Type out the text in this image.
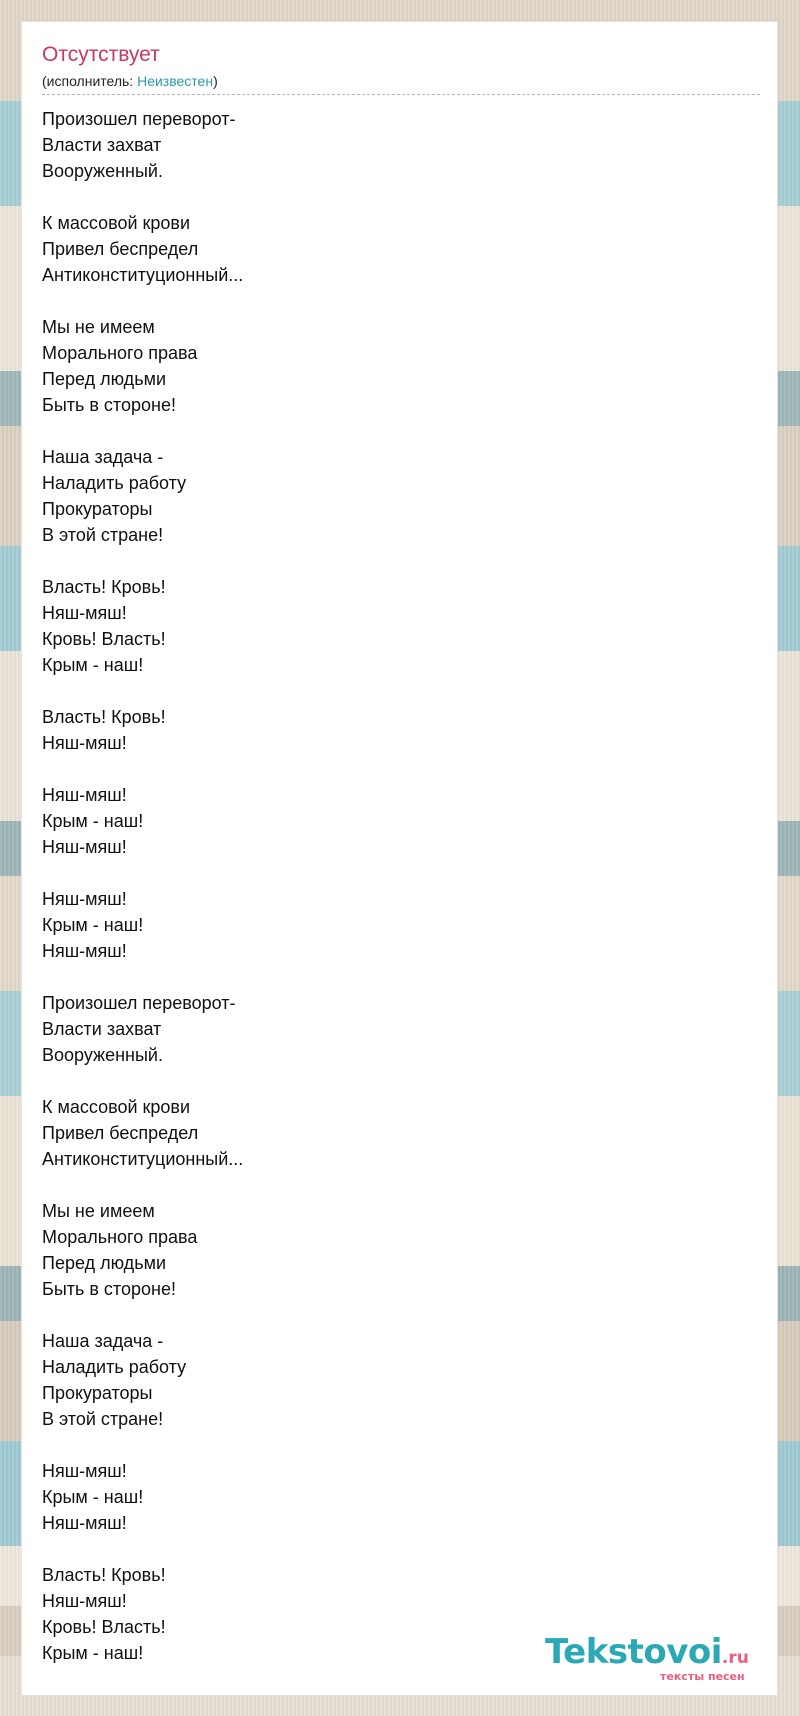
Отсутствует
(исполнитель: Неизвестен)
Произошел переворот-
Власти захват
Вооруженный.
К массовой крови
Привел беспредел
Антиконституционный...
Мы не имеем
Морального права
Перед людьми
Быть в стороне!
Наша задача -
Наладить работу
Прокураторы
В этой стране!
Власть! Кровь!
Няш-мяш!
Кровь! Власть!
Крым - наш!
Власть! Кровь!
Няш-мяш!
Няш-мяш!
Крым - наш!
Няш-мяш!
Няш-мяш!
Крым - наш!
Няш-мяш!
Произошел переворот-
Власти захват
Вооруженный.
К массовой крови
Привел беспредел
Антиконституционный...
Мы не имеем
Морального права
Перед людьми
Быть в стороне!
Наша задача -
Наладить работу
Прокураторы
В этой стране!
Няш-мяш!
Крым - наш!
Няш-мяш!
Власть! Кровь!
Няш-мяш!
Кровь! Власть!
Крым - наш!	Tekstovoi.ru
тексты песен
